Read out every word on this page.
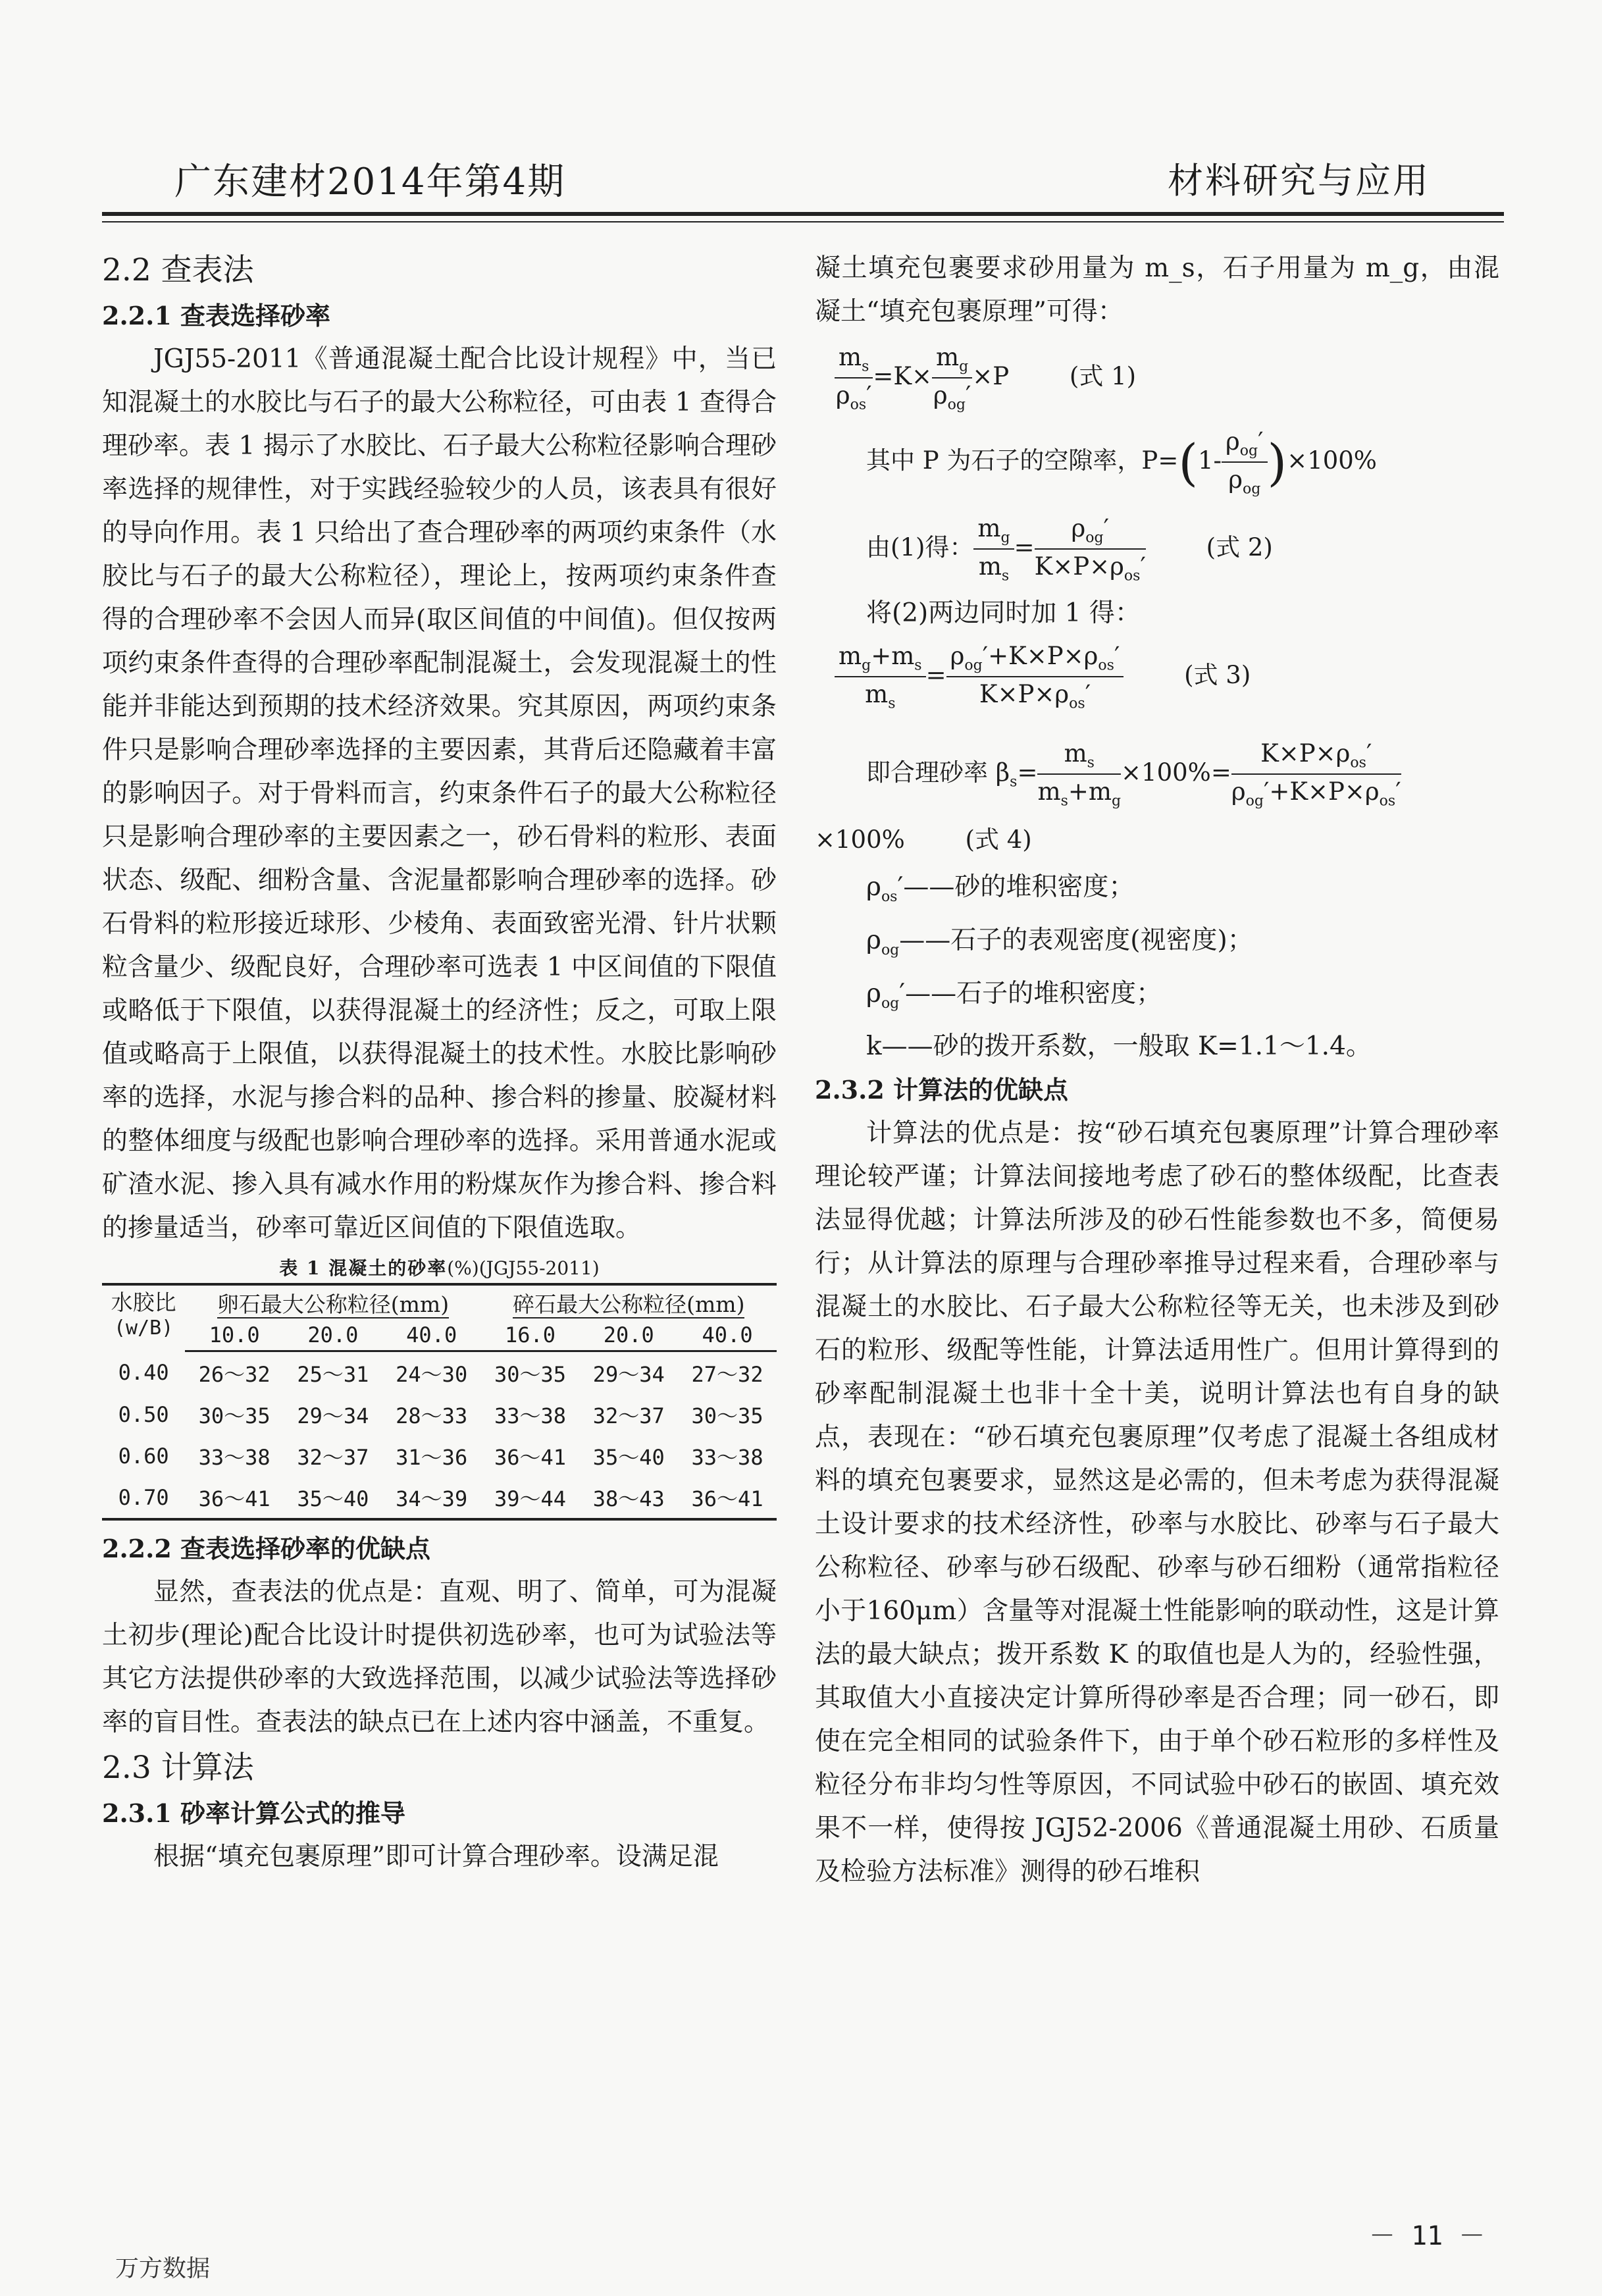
广东建材2014年第4期	材料研究与应用
2.2 查表法
2.2.1 查表选择砂率

JGJ55-2011《普通混凝土配合比设计规程》中，当已知混凝土的水胶比与石子的最大公称粒径，可由表 1 查得合理砂率。表 1 揭示了水胶比、石子最大公称粒径影响合理砂率选择的规律性，对于实践经验较少的人员，该表具有很好的导向作用。表 1 只给出了查合理砂率的两项约束条件（水胶比与石子的最大公称粒径），理论上，按两项约束条件查得的合理砂率不会因人而异(取区间值的中间值)。但仅按两项约束条件查得的合理砂率配制混凝土，会发现混凝土的性能并非能达到预期的技术经济效果。究其原因，两项约束条件只是影响合理砂率选择的主要因素，其背后还隐藏着丰富的影响因子。对于骨料而言，约束条件石子的最大公称粒径只是影响合理砂率的主要因素之一，砂石骨料的粒形、表面状态、级配、细粉含量、含泥量都影响合理砂率的选择。砂石骨料的粒形接近球形、少棱角、表面致密光滑、针片状颗粒含量少、级配良好，合理砂率可选表 1 中区间值的下限值或略低于下限值，以获得混凝土的经济性；反之，可取上限值或略高于上限值，以获得混凝土的技术性。水胶比影响砂率的选择，水泥与掺合料的品种、掺合料的掺量、胶凝材料的整体细度与级配也影响合理砂率的选择。采用普通水泥或矿渣水泥、掺入具有减水作用的粉煤灰作为掺合料、掺合料的掺量适当，砂率可靠近区间值的下限值选取。

表 1 混凝土的砂率(%)(JGJ55-2011)
水胶比
(w/B)	卵石最大公称粒径(mm)			碎石最大公称粒径(mm)		
	10.0	20.0	40.0	16.0	20.0	40.0
0.40	26～32	25～31	24～30	30～35	29～34	27～32
0.50	30～35	29～34	28～33	33～38	32～37	30～35
0.60	33～38	32～37	31～36	36～41	35～40	33～38
0.70	36～41	35～40	34～39	39～44	38～43	36～41
2.2.2 查表选择砂率的优缺点

显然，查表法的优点是：直观、明了、简单，可为混凝土初步(理论)配合比设计时提供初选砂率，也可为试验法等其它方法提供砂率的大致选择范围，以减少试验法等选择砂率的盲目性。查表法的缺点已在上述内容中涵盖，不重复。

2.3 计算法
2.3.1 砂率计算公式的推导

根据“填充包裹原理”即可计算合理砂率。设满足混

凝土填充包裹要求砂用量为 m_s，石子用量为 m_g，由混凝土“填充包裹原理”可得：

$\frac{m_s}{\rho_{os}'} =K\times \frac{m_g}{\rho_{og}'} \times P$ (式 1)
其中 P 为石子的空隙率，$P=(1- \frac{\rho_{og}'}{\rho_{og}} )\times 100\%$
由(1)得： $\frac{m_g}{m_s} = \frac{\rho_{og}'}{K\times P\times\rho_{os}'}$ (式 2)

将(2)两边同时加 1 得：

$\frac{m_g+m_s}{m_s} = \frac{\rho_{og}'+K\times P\times\rho_{os}'}{K\times P\times\rho_{os}'}$ (式 3)
即合理砂率 $\beta_s= \frac{m_s}{m_s+m_g} \times 100\%= \frac{K\times P\times\rho_{os}'}{\rho_{og}'+K\times P\times\rho_{os}'}$
×100% (式 4)

$\rho_{os}'——$砂的堆积密度；

$\rho_{og}——$石子的表观密度(视密度)；

$\rho_{og}'——$石子的堆积密度；

k——砂的拨开系数，一般取 K=1.1～1.4。

2.3.2 计算法的优缺点

计算法的优点是：按“砂石填充包裹原理”计算合理砂率理论较严谨；计算法间接地考虑了砂石的整体级配，比查表法显得优越；计算法所涉及的砂石性能参数也不多，简便易行；从计算法的原理与合理砂率推导过程来看，合理砂率与混凝土的水胶比、石子最大公称粒径等无关，也未涉及到砂石的粒形、级配等性能，计算法适用性广。但用计算得到的砂率配制混凝土也非十全十美，说明计算法也有自身的缺点，表现在：“砂石填充包裹原理”仅考虑了混凝土各组成材料的填充包裹要求，显然这是必需的，但未考虑为获得混凝土设计要求的技术经济性，砂率与水胶比、砂率与石子最大公称粒径、砂率与砂石级配、砂率与砂石细粉（通常指粒径小于160μm）含量等对混凝土性能影响的联动性，这是计算法的最大缺点；拨开系数 K 的取值也是人为的，经验性强，其取值大小直接决定计算所得砂率是否合理；同一砂石，即使在完全相同的试验条件下，由于单个砂石粒形的多样性及粒径分布非均匀性等原因，不同试验中砂石的嵌固、填充效果不一样，使得按 JGJ52-2006《普通混凝土用砂、石质量及检验方法标准》测得的砂石堆积

－ 11 －
万方数据
